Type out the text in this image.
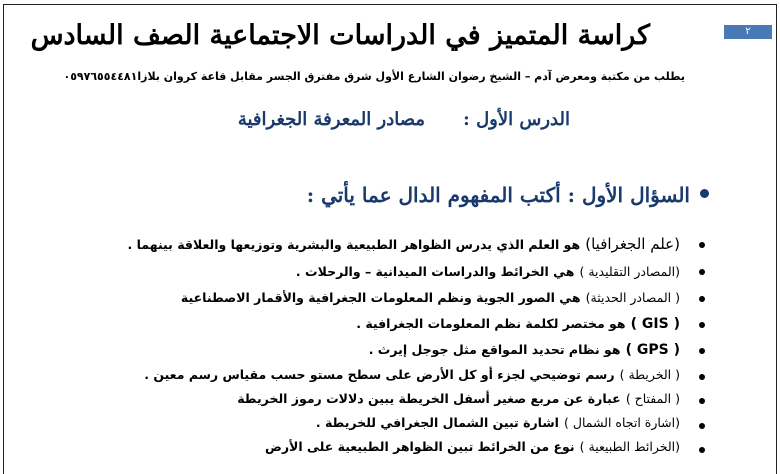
٢
كراسة المتميز في الدراسات الاجتماعية الصف السادس
يطلب من مكتبة ومعرض آدم – الشيخ رضوان الشارع الأول شرق مفترق الجسر مقابل قاعة كروان بلازا٠٥٩٧٦٥٥٤٤٨١
الدرس الأول :
مصادر المعرفة الجغرافية
السؤال الأول : أكتب المفهوم الدال عما يأتي :
(علم الجغرافيا) هو العلم الذي يدرس الظواهر الطبيعية والبشرية وتوزيعها والعلاقة بينهما .
(المصادر التقليدية ) هي الخرائط والدراسات الميدانية – والرحلات .
( المصادر الحديثة) هي الصور الجوية ونظم المعلومات الجغرافية والأقمار الاصطناعية
( GIS ) هو مختصر لكلمة نظم المعلومات الجغرافية .
( GPS ) هو نظام تحديد المواقع مثل جوجل إيرث .
( الخريطة ) رسم توضيحي لجزء أو كل الأرض على سطح مستو حسب مقياس رسم معين .
( المفتاح ) عبارة عن مربع صغير أسفل الخريطة يبين دلالات رموز الخريطة
(اشارة اتجاه الشمال ) اشارة تبين الشمال الجغرافي للخريطة .
(الخرائط الطبيعية ) نوع من الخرائط تبين الظواهر الطبيعية على الأرض
